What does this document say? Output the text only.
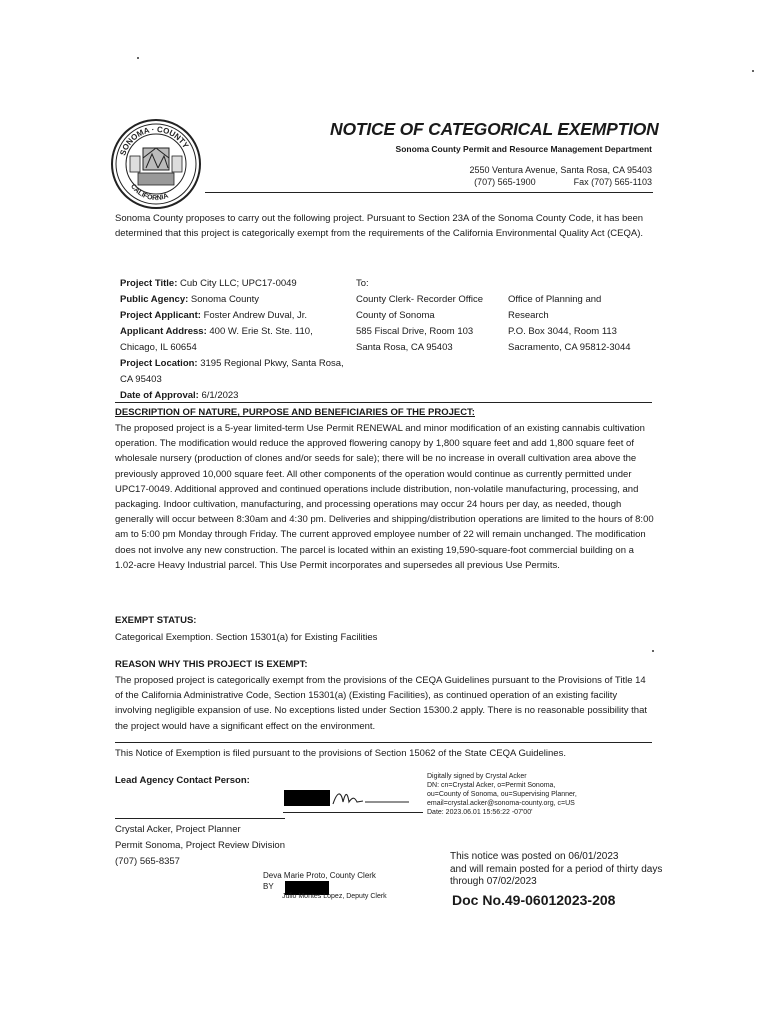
SONOMA · COUNTY
CALIFORNIA
NOTICE OF CATEGORICAL EXEMPTION
Sonoma County Permit and Resource Management Department
2550 Ventura Avenue, Santa Rosa, CA 95403
(707) 565-1900	Fax (707) 565-1103

Sonoma County proposes to carry out the following project. Pursuant to Section 23A of the Sonoma County Code, it has been determined that this project is categorically exempt from the requirements of the California Environmental Quality Act (CEQA).

Project Title: Cub City LLC; UPC17-0049
Public Agency: Sonoma County
Project Applicant: Foster Andrew Duval, Jr.
Applicant Address: 400 W. Erie St. Ste. 110, Chicago, IL 60654
Project Location: 3195 Regional Pkwy, Santa Rosa, CA 95403
Date of Approval: 6/1/2023
To:
County Clerk- Recorder Office
County of Sonoma
585 Fiscal Drive, Room 103
Santa Rosa, CA 95403
Office of Planning and
Research
P.O. Box 3044, Room 113
Sacramento, CA 95812-3044
DESCRIPTION OF NATURE, PURPOSE AND BENEFICIARIES OF THE PROJECT:

The proposed project is a 5-year limited-term Use Permit RENEWAL and minor modification of an existing cannabis cultivation operation. The modification would reduce the approved flowering canopy by 1,800 square feet and add 1,800 square feet of wholesale nursery (production of clones and/or seeds for sale); there will be no increase in overall cultivation area above the previously approved 10,000 square feet. All other components of the operation would continue as currently permitted under UPC17-0049. Additional approved and continued operations include distribution, non-volatile manufacturing, processing, and packaging. Indoor cultivation, manufacturing, and processing operations may occur 24 hours per day, as needed, though generally will occur between 8:30am and 4:30 pm. Deliveries and shipping/distribution operations are limited to the hours of 8:00 am to 5:00 pm Monday through Friday. The current approved employee number of 22 will remain unchanged. The modification does not involve any new construction. The parcel is located within an existing 19,590-square-foot commercial building on a 1.02-acre Heavy Industrial parcel. This Use Permit incorporates and supersedes all previous Use Permits.

EXEMPT STATUS:
Categorical Exemption. Section 15301(a) for Existing Facilities
REASON WHY THIS PROJECT IS EXEMPT:

The proposed project is categorically exempt from the provisions of the CEQA Guidelines pursuant to the Provisions of Title 14 of the California Administrative Code, Section 15301(a) (Existing Facilities), as continued operation of an existing facility involving negligible expansion of use. No exceptions listed under Section 15300.2 apply. There is no reasonable possibility that the project would have a significant effect on the environment.

This Notice of Exemption is filed pursuant to the provisions of Section 15062 of the State CEQA Guidelines.
Lead Agency Contact Person:	Digitally signed by Crystal Acker
DN: cn=Crystal Acker, o=Permit Sonoma,
ou=County of Sonoma, ou=Supervising Planner,
email=crystal.acker@sonoma-county.org, c=US
Date: 2023.06.01 15:56:22 -07'00'
Crystal Acker, Project Planner
Permit Sonoma, Project Review Division
(707) 565-8357
Deva Marie Proto, County Clerk
BY
Julio Montes Lopez, Deputy Clerk
This notice was posted on 06/01/2023
and will remain posted for a period of thirty days
through 07/02/2023
Doc No.49-06012023-208
